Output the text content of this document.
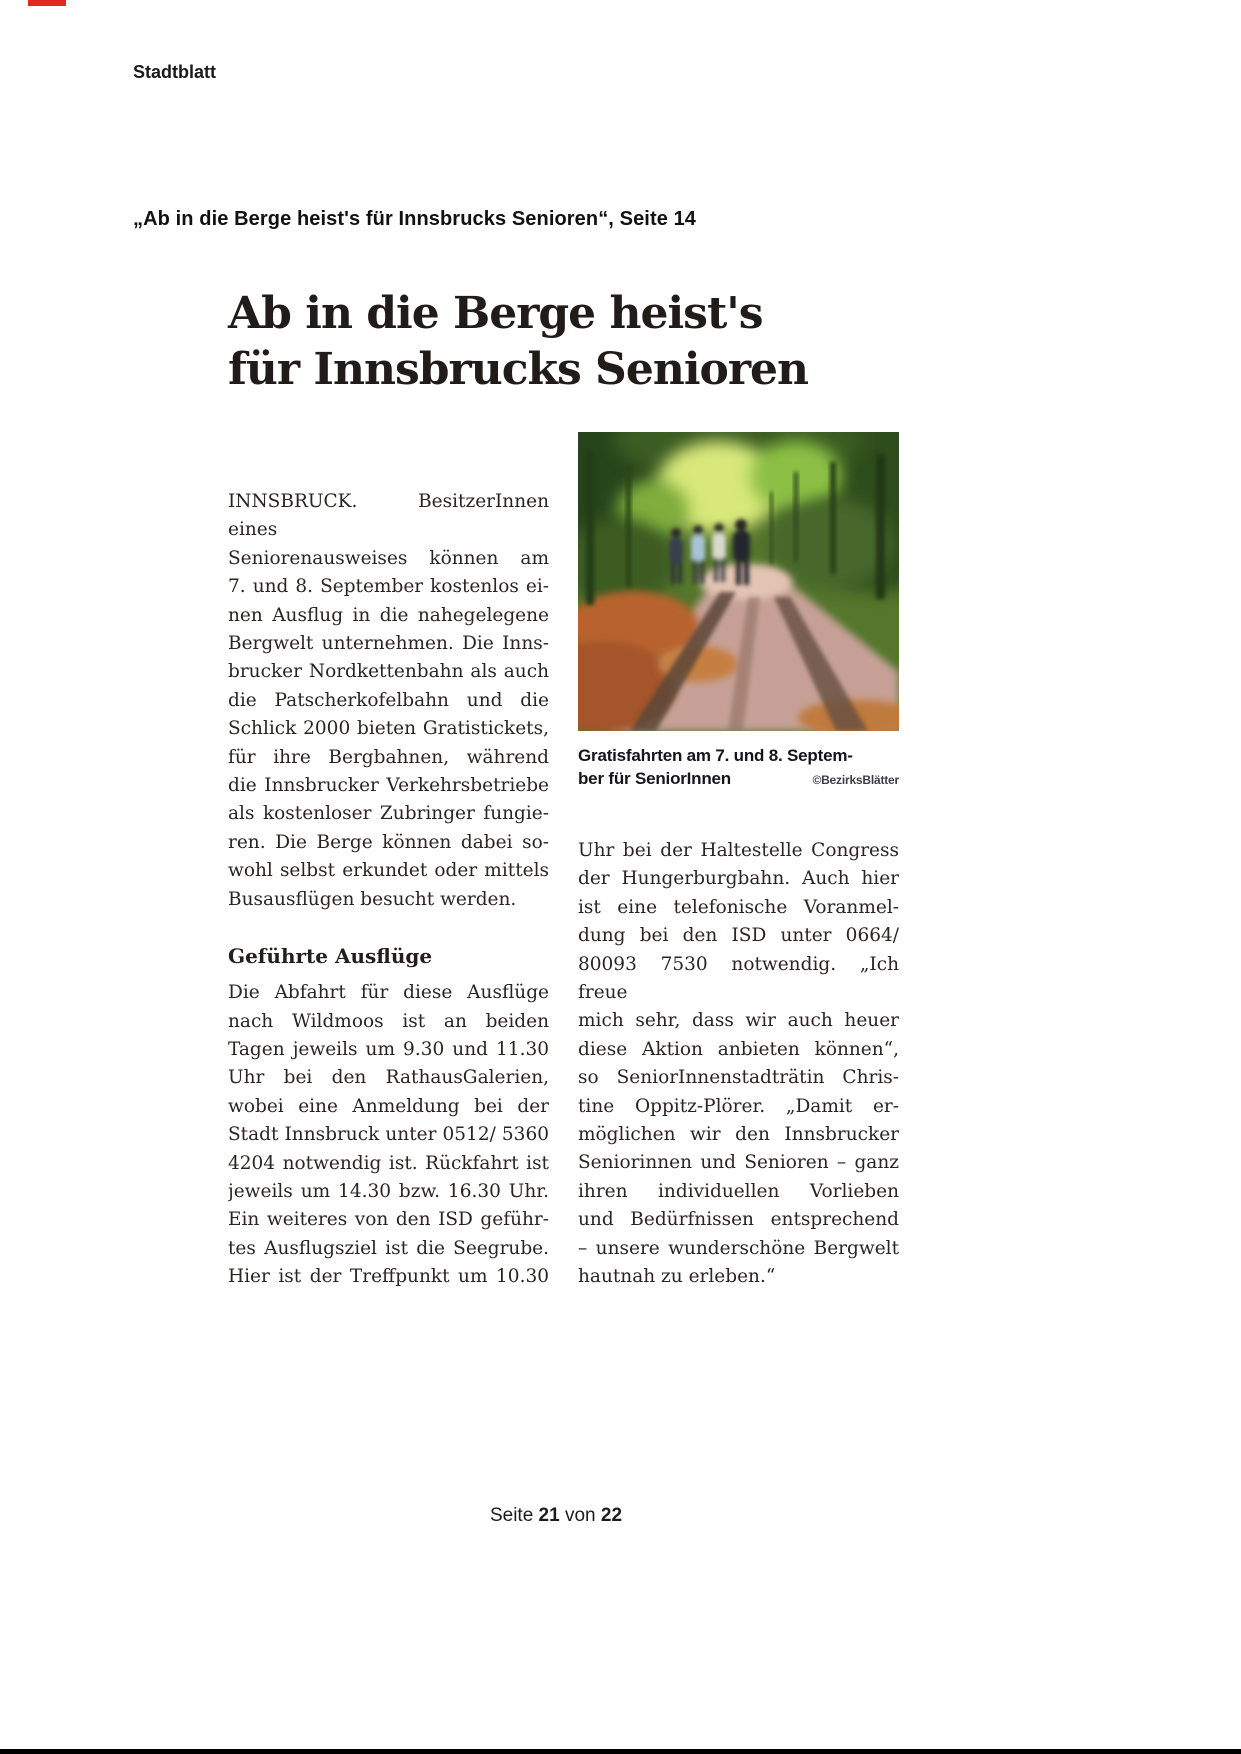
Stadtblatt
„Ab in die Berge heist's für Innsbrucks Senioren“, Seite 14
Ab in die Berge heist's
für Innsbrucks Senioren
INNSBRUCK. BesitzerInnen eines
Seniorenausweises können am
7. und 8. September kostenlos ei-
nen Ausflug in die nahegelegene
Bergwelt unternehmen. Die Inns-
brucker Nordkettenbahn als auch
die Patscherkofelbahn und die
Schlick 2000 bieten Gratistickets,
für ihre Bergbahnen, während
die Innsbrucker Verkehrsbetriebe
als kostenloser Zubringer fungie-
ren. Die Berge können dabei so-
wohl selbst erkundet oder mittels
Busausflügen besucht werden.
Geführte Ausflüge
Die Abfahrt für diese Ausflüge
nach Wildmoos ist an beiden
Tagen jeweils um 9.30 und 11.30
Uhr bei den RathausGalerien,
wobei eine Anmeldung bei der
Stadt Innsbruck unter 0512/ 5360
4204 notwendig ist. Rückfahrt ist
jeweils um 14.30 bzw. 16.30 Uhr.
Ein weiteres von den ISD geführ-
tes Ausflugsziel ist die Seegrube.
Hier ist der Treffpunkt um 10.30
Gratisfahrten am 7. und 8. Septem-
ber für SeniorInnen	©BezirksBlätter
Uhr bei der Haltestelle Congress
der Hungerburgbahn. Auch hier
ist eine telefonische Voranmel-
dung bei den ISD unter 0664/
80093 7530 notwendig. „Ich freue
mich sehr, dass wir auch heuer
diese Aktion anbieten können“,
so SeniorInnenstadträtin Chris-
tine Oppitz-Plörer. „Damit er-
möglichen wir den Innsbrucker
Seniorinnen und Senioren – ganz
ihren individuellen Vorlieben
und Bedürfnissen entsprechend
– unsere wunderschöne Bergwelt
hautnah zu erleben.“
Seite 21 von 22
